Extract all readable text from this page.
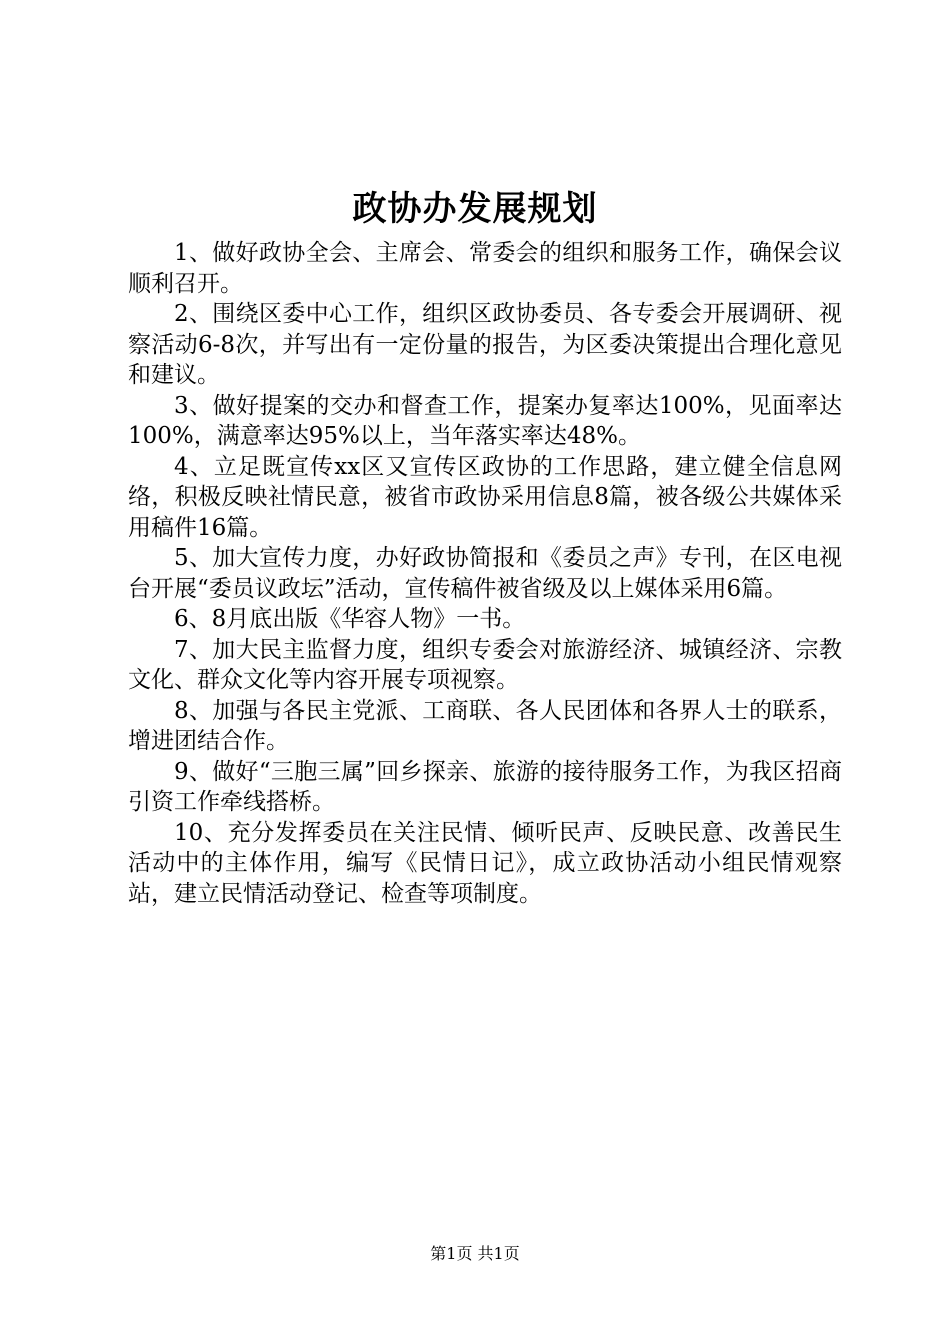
政协办发展规划

1、做好政协全会、主席会、常委会的组织和服务工作，确保会议顺利召开。

2、围绕区委中心工作，组织区政协委员、各专委会开展调研、视察活动6-8次，并写出有一定份量的报告，为区委决策提出合理化意见和建议。

3、做好提案的交办和督查工作，提案办复率达100%，见面率达100%，满意率达95%以上，当年落实率达48%。

4、立足既宣传xx区又宣传区政协的工作思路，建立健全信息网络，积极反映社情民意，被省市政协采用信息8篇，被各级公共媒体采用稿件16篇。

5、加大宣传力度，办好政协简报和《委员之声》专刊，在区电视台开展“委员议政坛”活动，宣传稿件被省级及以上媒体采用6篇。

6、8月底出版《华容人物》一书。

7、加大民主监督力度，组织专委会对旅游经济、城镇经济、宗教文化、群众文化等内容开展专项视察。

8、加强与各民主党派、工商联、各人民团体和各界人士的联系，增进团结合作。

9、做好“三胞三属”回乡探亲、旅游的接待服务工作，为我区招商引资工作牵线搭桥。

10、充分发挥委员在关注民情、倾听民声、反映民意、改善民生活动中的主体作用，编写《民情日记》，成立政协活动小组民情观察站，建立民情活动登记、检查等项制度。

第1页 共1页
